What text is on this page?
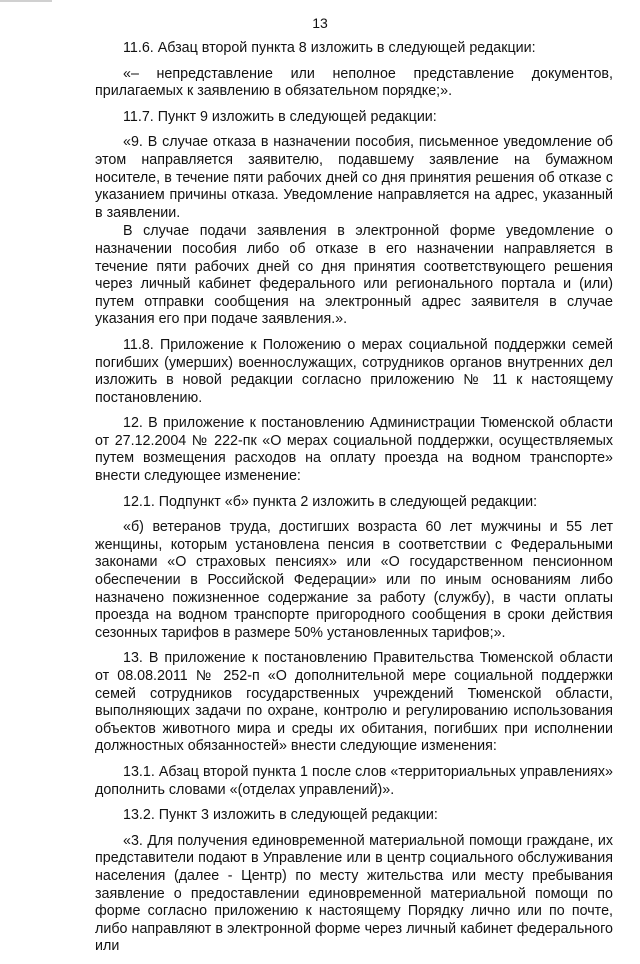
13

11.6. Абзац второй пункта 8 изложить в следующей редакции:

«– непредставление или неполное представление документов, прилагаемых к заявлению в обязательном порядке;».

11.7. Пункт 9 изложить в следующей редакции:

«9. В случае отказа в назначении пособия, письменное уведомление об этом направляется заявителю, подавшему заявление на бумажном носителе, в течение пяти рабочих дней со дня принятия решения об отказе с указанием причины отказа. Уведомление направляется на адрес, указанный в заявлении.

В случае подачи заявления в электронной форме уведомление о назначении пособия либо об отказе в его назначении направляется в течение пяти рабочих дней со дня принятия соответствующего решения через личный кабинет федерального или регионального портала и (или) путем отправки сообщения на электронный адрес заявителя в случае указания его при подаче заявления.».

11.8. Приложение к Положению о мерах социальной поддержки семей погибших (умерших) военнослужащих, сотрудников органов внутренних дел изложить в новой редакции согласно приложению № 11 к настоящему постановлению.

12. В приложение к постановлению Администрации Тюменской области от 27.12.2004 № 222-пк «О мерах социальной поддержки, осуществляемых путем возмещения расходов на оплату проезда на водном транспорте» внести следующее изменение:

12.1. Подпункт «б» пункта 2 изложить в следующей редакции:

«б) ветеранов труда, достигших возраста 60 лет мужчины и 55 лет женщины, которым установлена пенсия в соответствии с Федеральными законами «О страховых пенсиях» или «О государственном пенсионном обеспечении в Российской Федерации» или по иным основаниям либо назначено пожизненное содержание за работу (службу), в части оплаты проезда на водном транспорте пригородного сообщения в сроки действия сезонных тарифов в размере 50% установленных тарифов;».

13. В приложение к постановлению Правительства Тюменской области от 08.08.2011 № 252-п «О дополнительной мере социальной поддержки семей сотрудников государственных учреждений Тюменской области, выполняющих задачи по охране, контролю и регулированию использования объектов животного мира и среды их обитания, погибших при исполнении должностных обязанностей» внести следующие изменения:

13.1. Абзац второй пункта 1 после слов «территориальных управлениях» дополнить словами «(отделах управлений)».

13.2. Пункт 3 изложить в следующей редакции:

«3. Для получения единовременной материальной помощи граждане, их представители подают в Управление или в центр социального обслуживания населения (далее - Центр) по месту жительства или месту пребывания заявление о предоставлении единовременной материальной помощи по форме согласно приложению к настоящему Порядку лично или по почте, либо направляют в электронной форме через личный кабинет федерального или
